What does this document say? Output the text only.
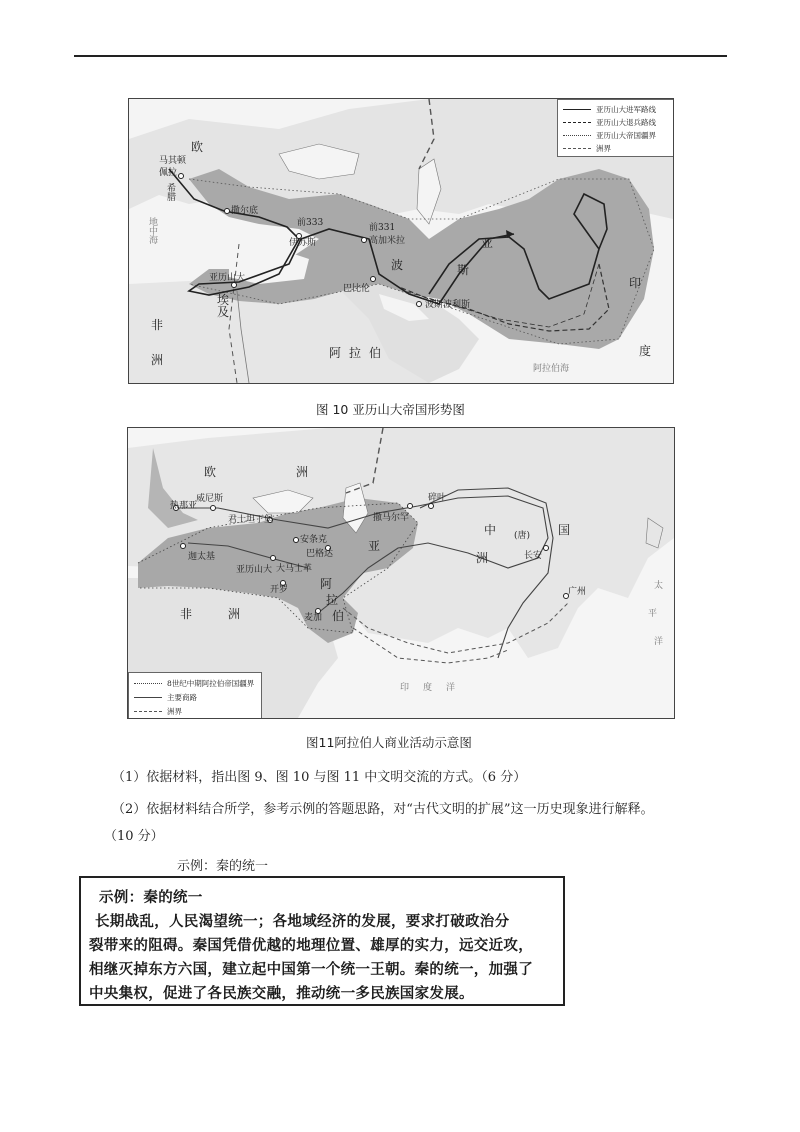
亚历山大进军路线
亚历山大退兵路线
亚历山大帝国疆界
洲界
欧
马其顿
佩拉
希腊
地中海
撒尔底
前333
伊苏斯
前331
高加米拉
巴比伦
波斯波利斯
亚历山大
埃及
非
洲	阿拉伯
波	斯
亚
印
度
阿拉伯海
图 10 亚历山大帝国形势图
8世纪中期阿拉伯帝国疆界
主要商路
洲界
欧	洲
威尼斯
热那亚
君士坦丁堡
迦太基
亚历山大 大马士革
巴格达
安条克
撒马尔罕
碎叶
开罗
麦加
阿
拉
伯
亚
洲
中	国
(唐)
长安
广州
非	洲
印度洋
太
平
洋
图11阿拉伯人商业活动示意图
（1）依据材料，指出图 9、图 10 与图 11 中文明交流的方式。（6 分）
（2）依据材料结合所学，参考示例的答题思路，对“古代文明的扩展”这一历史现象进行解释。
（10 分）
示例：秦的统一
示例：秦的统一
长期战乱，人民渴望统一；各地域经济的发展，要求打破政治分
裂带来的阻碍。秦国凭借优越的地理位置、雄厚的实力，远交近攻，
相继灭掉东方六国，建立起中国第一个统一王朝。秦的统一，加强了
中央集权，促进了各民族交融，推动统一多民族国家发展。
